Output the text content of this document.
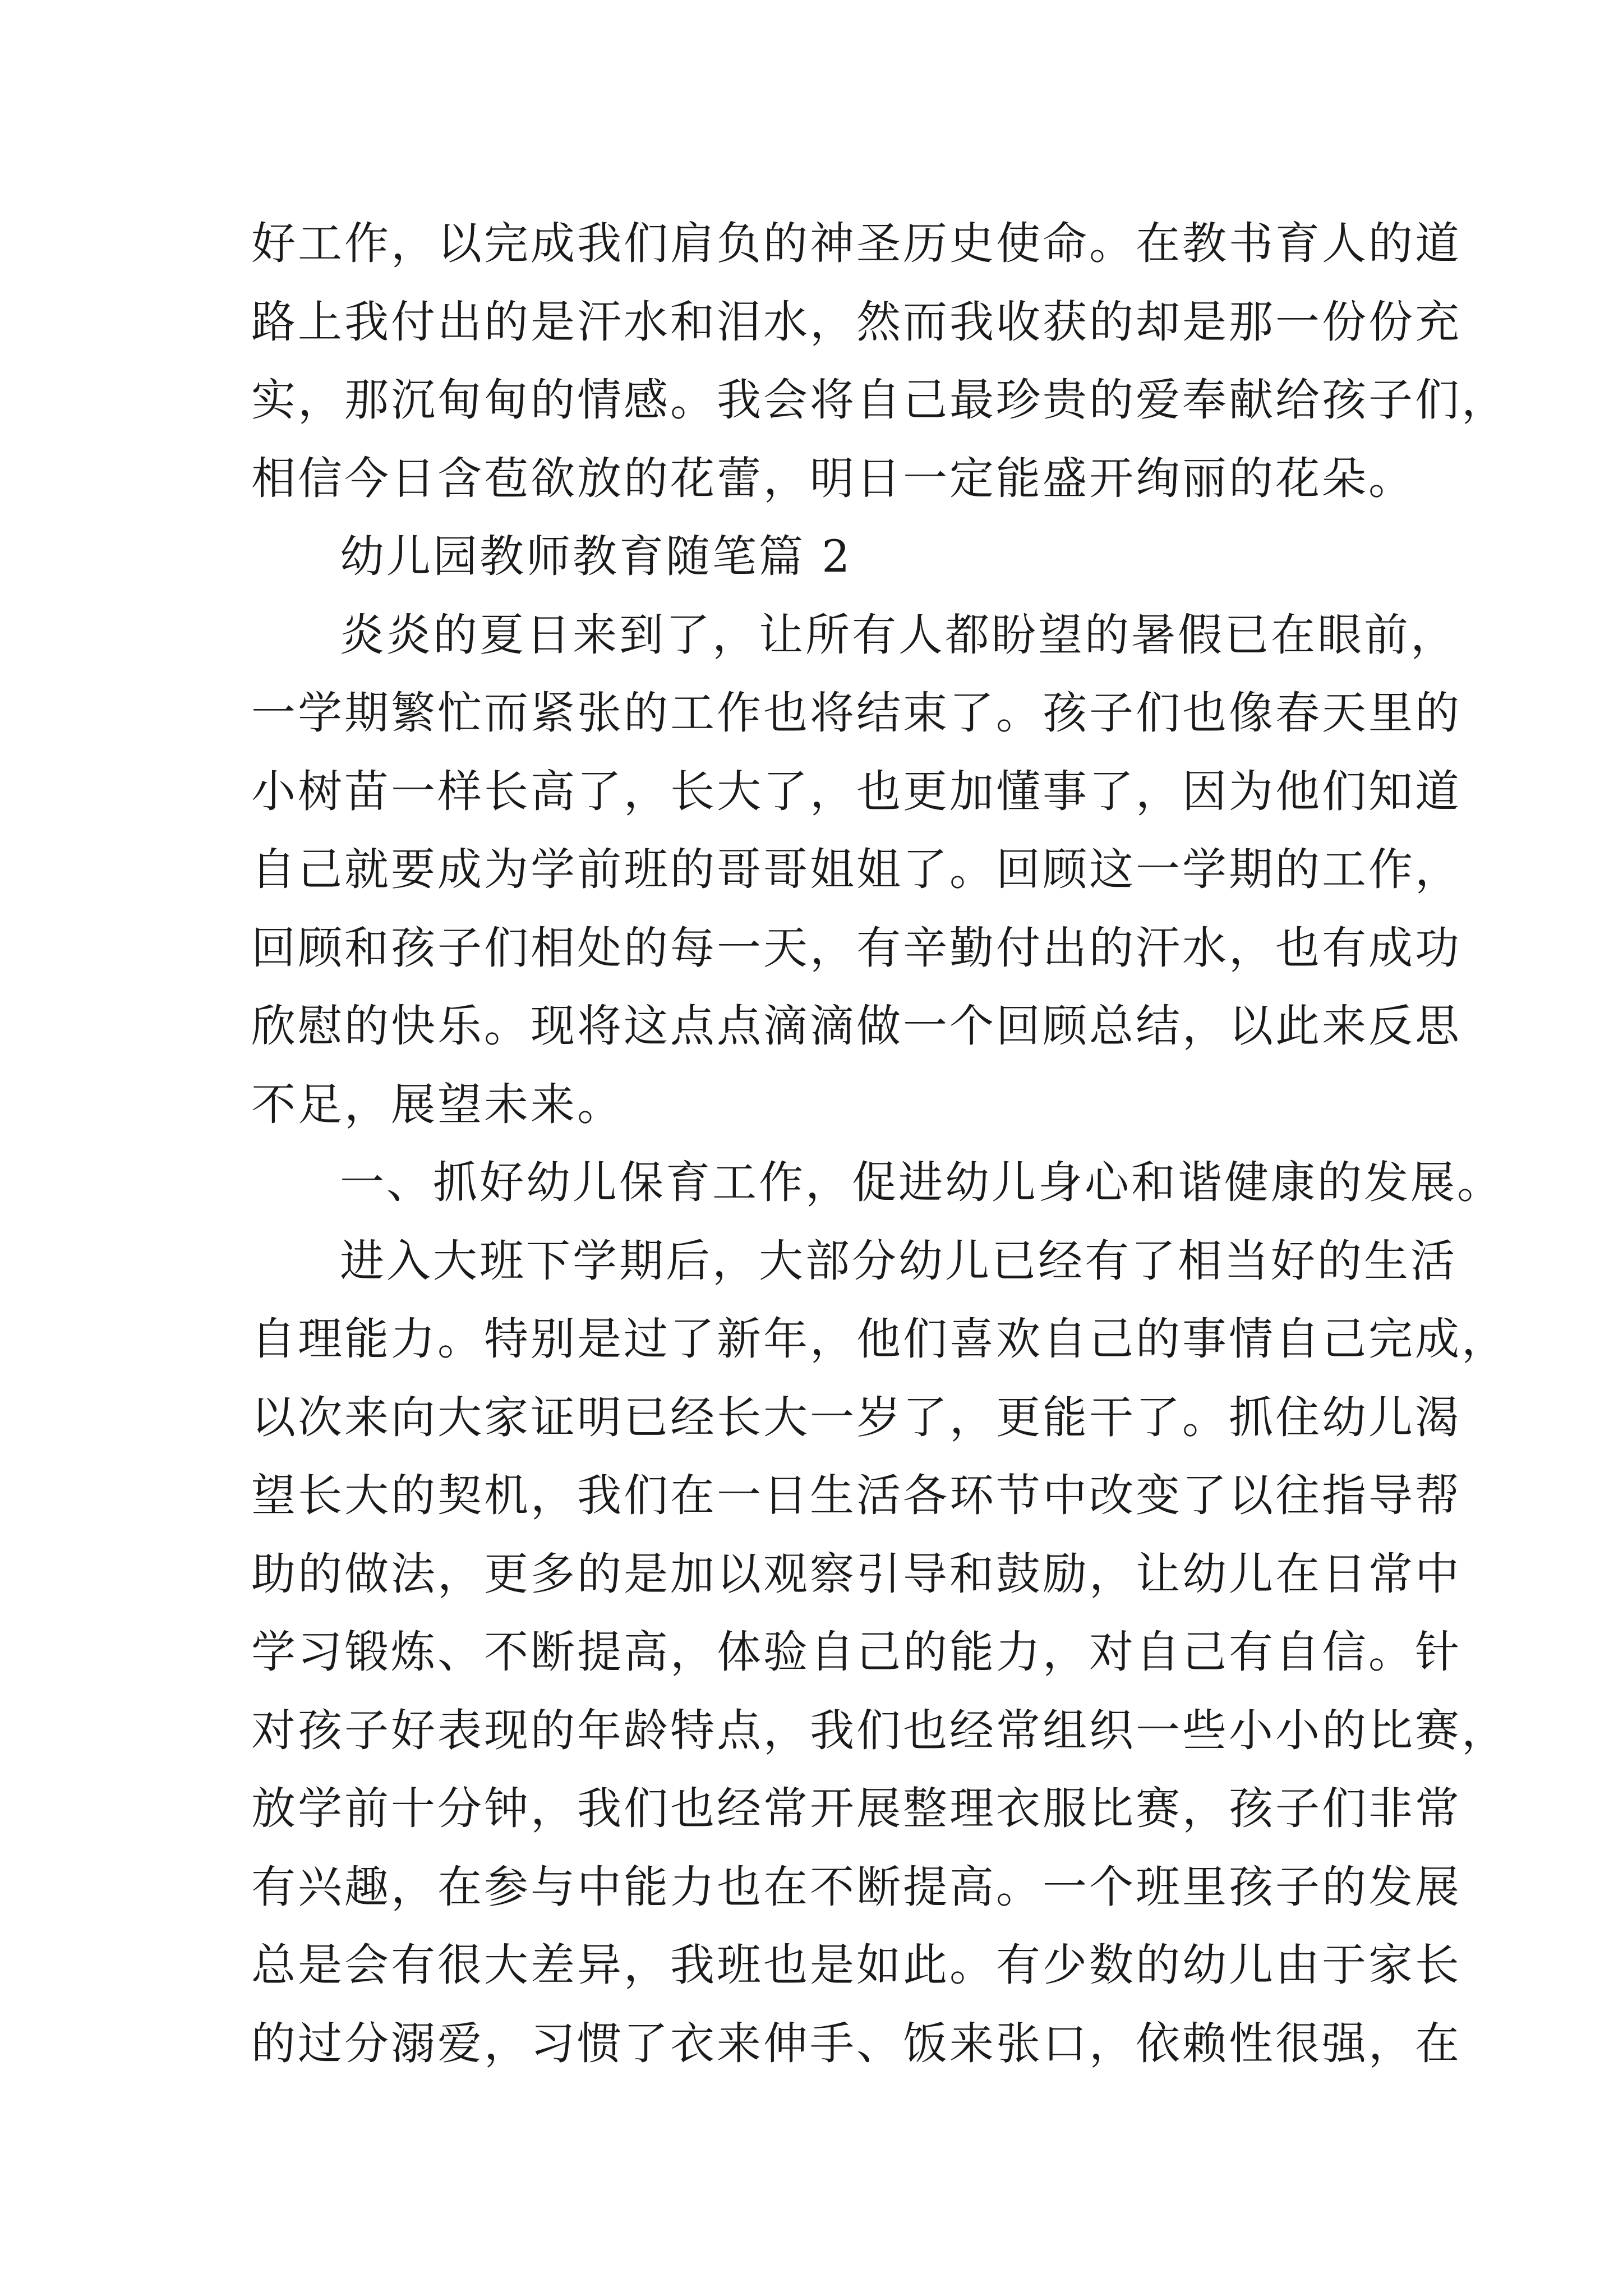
好工作，以完成我们肩负的神圣历史使命。在教书育人的道
路上我付出的是汗水和泪水，然而我收获的却是那一份份充
实，那沉甸甸的情感。我会将自己最珍贵的爱奉献给孩子们，
相信今日含苞欲放的花蕾，明日一定能盛开绚丽的花朵。
幼儿园教师教育随笔篇 2
炎炎的夏日来到了，让所有人都盼望的暑假已在眼前，
一学期繁忙而紧张的工作也将结束了。孩子们也像春天里的
小树苗一样长高了，长大了，也更加懂事了，因为他们知道
自己就要成为学前班的哥哥姐姐了。回顾这一学期的工作，
回顾和孩子们相处的每一天，有辛勤付出的汗水，也有成功
欣慰的快乐。现将这点点滴滴做一个回顾总结，以此来反思
不足，展望未来。
一、抓好幼儿保育工作，促进幼儿身心和谐健康的发展。
进入大班下学期后，大部分幼儿已经有了相当好的生活
自理能力。特别是过了新年，他们喜欢自己的事情自己完成，
以次来向大家证明已经长大一岁了，更能干了。抓住幼儿渴
望长大的契机，我们在一日生活各环节中改变了以往指导帮
助的做法，更多的是加以观察引导和鼓励，让幼儿在日常中
学习锻炼、不断提高，体验自己的能力，对自己有自信。针
对孩子好表现的年龄特点，我们也经常组织一些小小的比赛，
放学前十分钟，我们也经常开展整理衣服比赛，孩子们非常
有兴趣，在参与中能力也在不断提高。一个班里孩子的发展
总是会有很大差异，我班也是如此。有少数的幼儿由于家长
的过分溺爱，习惯了衣来伸手、饭来张口，依赖性很强，在
